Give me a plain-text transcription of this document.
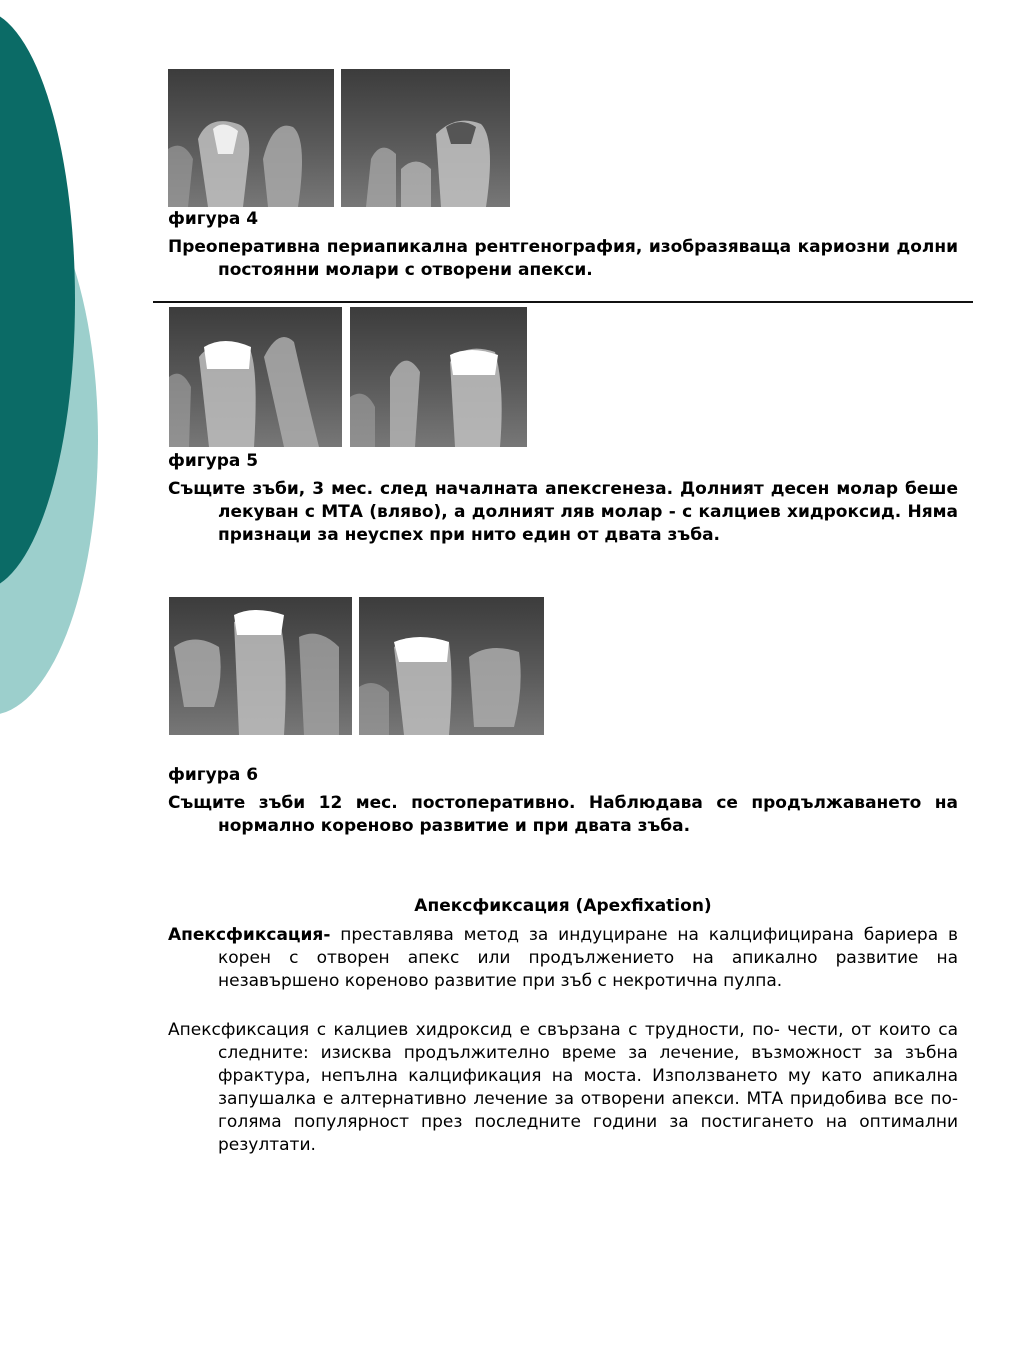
фигура 4
Преоперативна периапикална рентгенография, изобразяваща кариозни долни постоянни молари с отворени апекси.
фигура 5
Същите зъби, 3 мес. след началната апексгенеза. Долният десен молар беше лекуван с МТА (вляво), а долният ляв молар - с калциев хидроксид. Няма признаци за неуспех при нито един от двата зъба.
фигура 6
Същите зъби 12 мес. постоперативно. Наблюдава се продължаването на нормално кореново развитие и при двата зъба.
Апексфиксация (Apexfixation)
Апексфиксация- преставлява метод за индуциране на калцифицирана бариера в корен с отворен апекс или продължението на апикално развитие на незавършено кореново развитие при зъб с некротична пулпа.
Апексфиксация с калциев хидроксид е свързана с трудности, по- чести, от които са следните: изисква продължително време за лечение, възможност за зъбна фрактура, непълна калцификация на моста. Използването му като апикална запушалка е алтернативно лечение за отворени апекси. МТА придобива все по-голяма популярност през последните години за постигането на оптимални резултати.
